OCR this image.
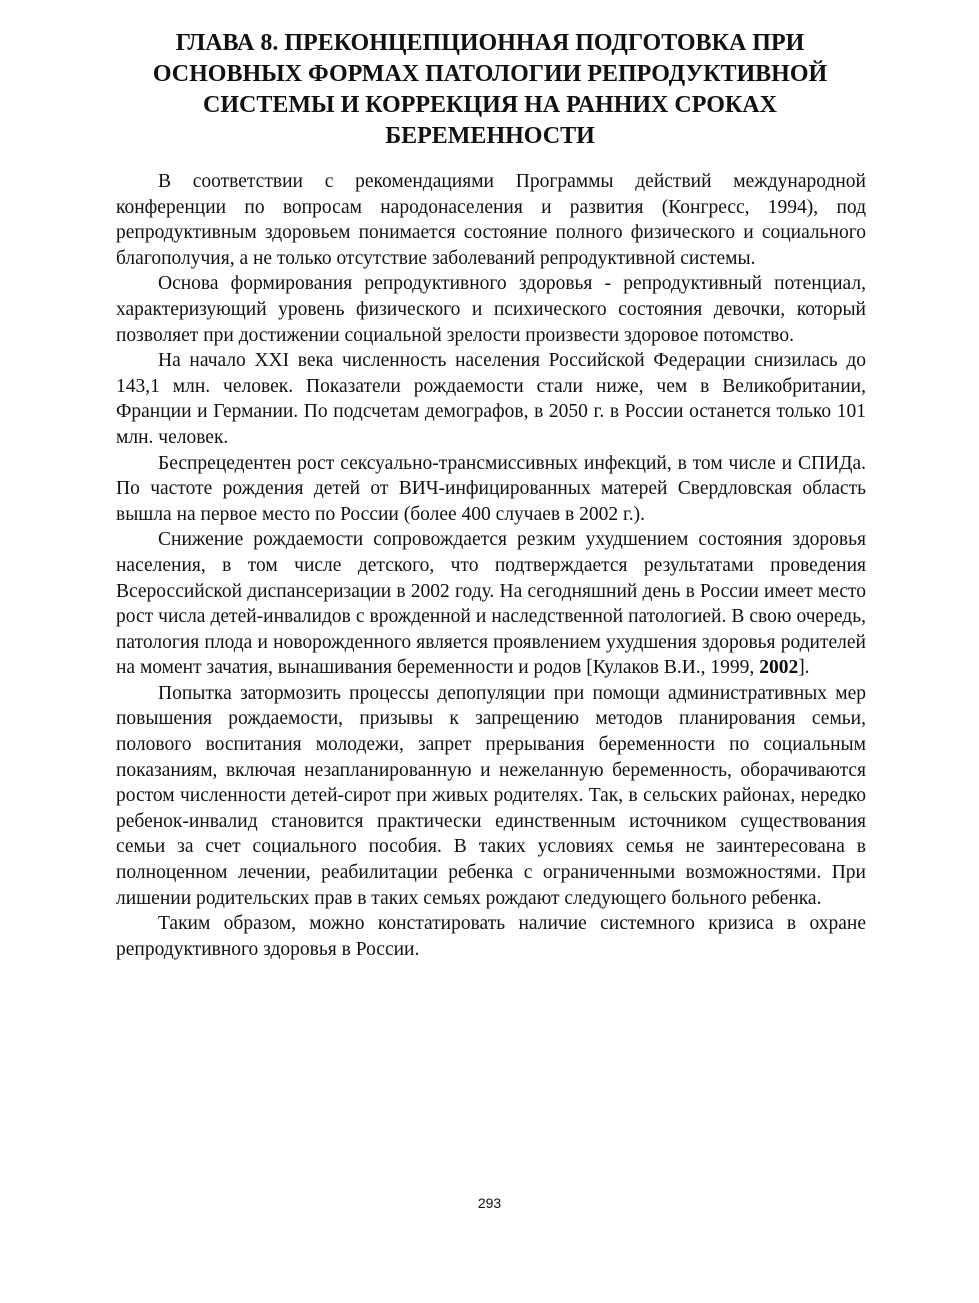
ГЛАВА 8. ПРЕКОНЦЕПЦИОННАЯ ПОДГОТОВКА ПРИ ОСНОВНЫХ ФОРМАХ ПАТОЛОГИИ РЕПРОДУКТИВНОЙ СИСТЕМЫ И КОРРЕКЦИЯ НА РАННИХ СРОКАХ БЕРЕМЕННОСТИ

В соответствии с рекомендациями Программы действий международной конференции по вопросам народонаселения и развития (Конгресс, 1994), под репродуктивным здоровьем понимается состояние полного физического и социального благополучия, а не только отсутствие заболеваний репродуктивной системы.

Основа формирования репродуктивного здоровья - репродуктивный потенциал, характеризующий уровень физического и психического состояния девочки, который позволяет при достижении социальной зрелости произвести здоровое потомство.

На начало XXI века численность населения Российской Федерации снизилась до 143,1 млн. человек. Показатели рождаемости стали ниже, чем в Великобритании, Франции и Германии. По подсчетам демографов, в 2050 г. в России останется только 101 млн. человек.

Беспрецедентен рост сексуально-трансмиссивных инфекций, в том числе и СПИДа. По частоте рождения детей от ВИЧ-инфицированных матерей Свердловская область вышла на первое место по России (более 400 случаев в 2002 г.).

Снижение рождаемости сопровождается резким ухудшением состояния здоровья населения, в том числе детского, что подтверждается результатами проведения Всероссийской диспансеризации в 2002 году. На сегодняшний день в России имеет место рост числа детей-инвалидов с врожденной и наследственной патологией. В свою очередь, патология плода и новорожденного является проявлением ухудшения здоровья родителей на момент зачатия, вынашивания беременности и родов [Кулаков В.И., 1999, 2002].

Попытка затормозить процессы депопуляции при помощи административных мер повышения рождаемости, призывы к запрещению методов планирования семьи, полового воспитания молодежи, запрет прерывания беременности по социальным показаниям, включая незапланированную и нежеланную беременность, оборачиваются ростом численности детей-сирот при живых родителях. Так, в сельских районах, нередко ребенок-инвалид становится практически единственным источником существования семьи за счет социального пособия. В таких условиях семья не заинтересована в полноценном лечении, реабилитации ребенка с ограниченными возможностями. При лишении родительских прав в таких семьях рождают следующего больного ребенка.

Таким образом, можно констатировать наличие системного кризиса в охране репродуктивного здоровья в России.

293
